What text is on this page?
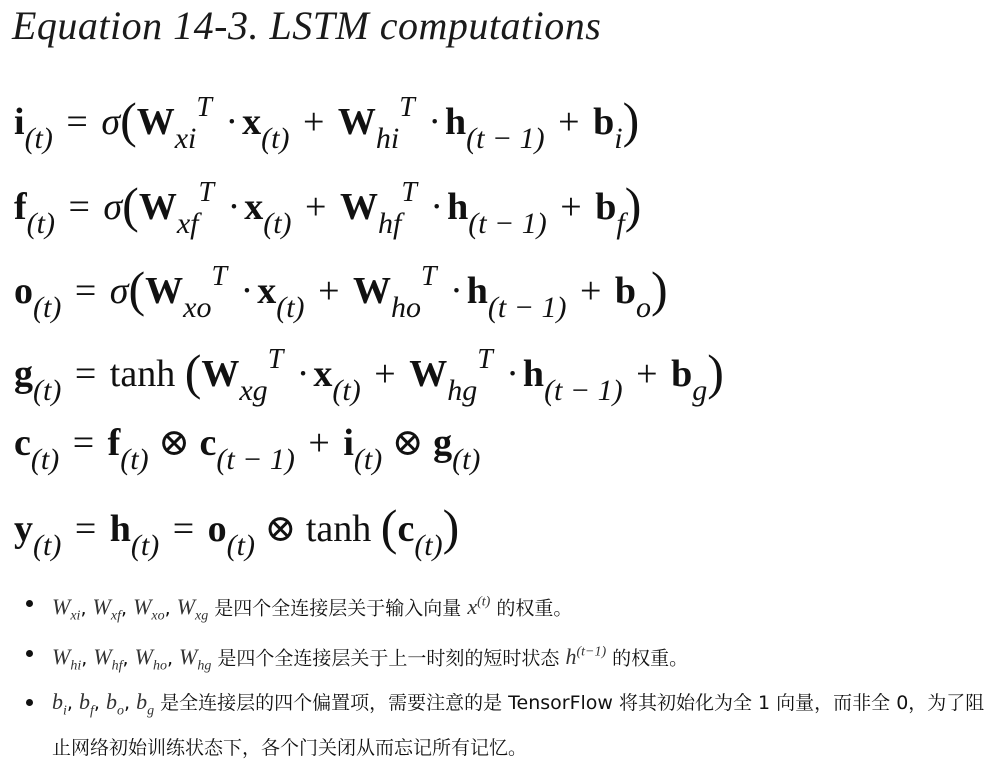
Equation 14-3. LSTM computations
$i_{(t)} = \sigma(W_{xi}^T \cdot x_{(t)} + W_{hi}^T \cdot h_{(t - 1)} + b_i)$
$f_{(t)} = \sigma(W_{xf}^T \cdot x_{(t)} + W_{hf}^T \cdot h_{(t - 1)} + b_f)$
$o_{(t)} = \sigma(W_{xo}^T \cdot x_{(t)} + W_{ho}^T \cdot h_{(t - 1)} + b_o)$
$g_{(t)} = \tanh (W_{xg}^T \cdot x_{(t)} + W_{hg}^T \cdot h_{(t - 1)} + b_g)$
$c_{(t)} = f_{(t)}$ ⊗ $c_{(t - 1)} + i_{(t)}$ ⊗ $g_{(t)}$
$y_{(t)} = h_{(t)} = o_{(t)}$ ⊗ $\tanh (c_{(t)})$
$W_{xi}$, $W_{xf}$, $W_{xo}$, $W_{xg}$ 是四个全连接层关于输入向量 $x^{(t)}$ 的权重。
$W_{hi}$, $W_{hf}$, $W_{ho}$, $W_{hg}$ 是四个全连接层关于上一时刻的短时状态 $h^{(t-1)}$ 的权重。
$b_i$, $b_f$, $b_o$, $b_g$ 是全连接层的四个偏置项，需要注意的是 TensorFlow 将其初始化为全 1 向量，而非全 0，为了阻止网络初始训练状态下，各个门关闭从而忘记所有记忆。
